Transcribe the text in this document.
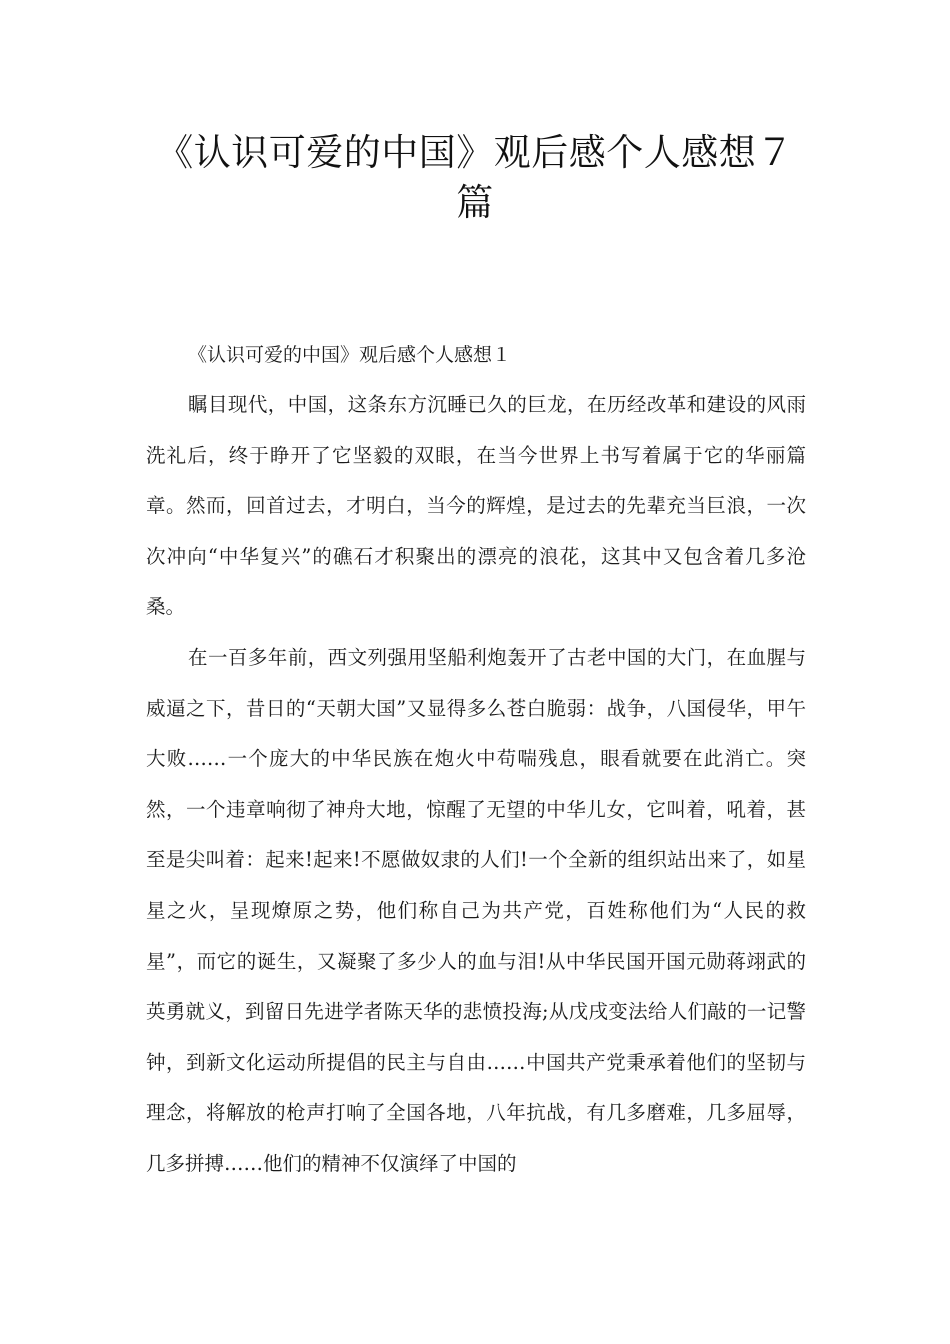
《认识可爱的中国》观后感个人感想７篇

《认识可爱的中国》观后感个人感想１

瞩目现代，中国，这条东方沉睡已久的巨龙，在历经改革和建设的风雨洗礼后，终于睁开了它坚毅的双眼，在当今世界上书写着属于它的华丽篇章。然而，回首过去，才明白，当今的辉煌，是过去的先辈充当巨浪，一次次冲向“中华复兴”的礁石才积聚出的漂亮的浪花，这其中又包含着几多沧桑。

在一百多年前，西文列强用坚船利炮轰开了古老中国的大门，在血腥与威逼之下，昔日的“天朝大国”又显得多么苍白脆弱：战争，八国侵华，甲午大败……一个庞大的中华民族在炮火中苟喘残息，眼看就要在此消亡。突然，一个违章响彻了神舟大地，惊醒了无望的中华儿女，它叫着，吼着，甚至是尖叫着：起来!起来!不愿做奴隶的人们!一个全新的组织站出来了，如星星之火，呈现燎原之势，他们称自己为共产党，百姓称他们为“人民的救星”，而它的诞生，又凝聚了多少人的血与泪!从中华民国开国元勋蒋翊武的英勇就义，到留日先进学者陈天华的悲愤投海;从戊戌变法给人们敲的一记警钟，到新文化运动所提倡的民主与自由……中国共产党秉承着他们的坚韧与理念，将解放的枪声打响了全国各地，八年抗战，有几多磨难，几多屈辱，几多拼搏……他们的精神不仅演绎了中国的
